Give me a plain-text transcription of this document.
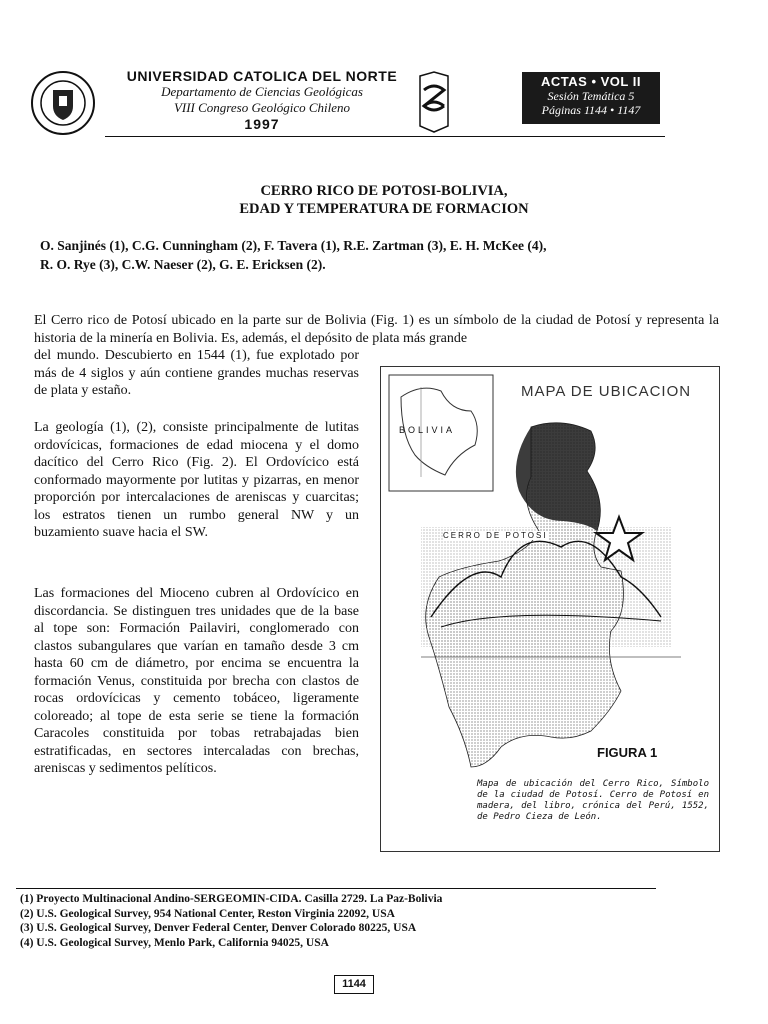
UNIVERSIDAD CATOLICA DEL NORTE
Departamento de Ciencias Geológicas
VIII Congreso Geológico Chileno
1997
ACTAS • VOL II
Sesión Temática 5
Páginas 1144 • 1147
CERRO RICO DE POTOSI-BOLIVIA,
EDAD Y TEMPERATURA DE FORMACION
O. Sanjinés (1), C.G. Cunningham (2), F. Tavera (1), R.E. Zartman (3), E. H. McKee (4),
R. O. Rye (3), C.W. Naeser (2), G. E. Ericksen (2).
El Cerro rico de Potosí ubicado en la parte sur de Bolivia (Fig. 1) es un símbolo de la ciudad de Potosí y representa la historia de la minería en Bolivia. Es, además, el depósito de plata más grande
del mundo. Descubierto en 1544 (1), fue explotado por más de 4 siglos y aún contiene grandes muchas reservas de plata y estaño.
La geología (1), (2), consiste principalmente de lutitas ordovícicas, formaciones de edad miocena y el domo dacítico del Cerro Rico (Fig. 2). El Ordovícico está conformado mayormente por lutitas y pizarras, en menor proporción por intercalaciones de areniscas y cuarcitas; los estratos tienen un rumbo general NW y un buzamiento suave hacia el SW.
Las formaciones del Mioceno cubren al Ordovícico en discordancia. Se distinguen tres unidades que de la base al tope son: Formación Pailaviri, conglomerado con clastos subangulares que varían en tamaño desde 3 cm hasta 60 cm de diámetro, por encima se encuentra la formación Venus, constituida por brecha con clastos de rocas ordovícicas y cemento tobáceo, ligeramente coloreado; al tope de esta serie se tiene la formación Caracoles constituida por tobas retrabajadas bien estratificadas, en sectores intercaladas con brechas, areniscas y sedimentos pelíticos.
MAPA DE UBICACION
BOLIVIA
CERRO DE POTOSI
FIGURA 1
Mapa de ubicación del Cerro Rico, Símbolo de la ciudad de Potosí. Cerro de Potosí en madera, del libro, crónica del Perú, 1552, de Pedro Cieza de León.
(1) Proyecto Multinacional Andino-SERGEOMIN-CIDA. Casilla 2729. La Paz-Bolivia
(2) U.S. Geological Survey, 954 National Center, Reston Virginia 22092, USA
(3) U.S. Geological Survey, Denver Federal Center, Denver Colorado 80225, USA
(4) U.S. Geological Survey, Menlo Park, California 94025, USA
1144
